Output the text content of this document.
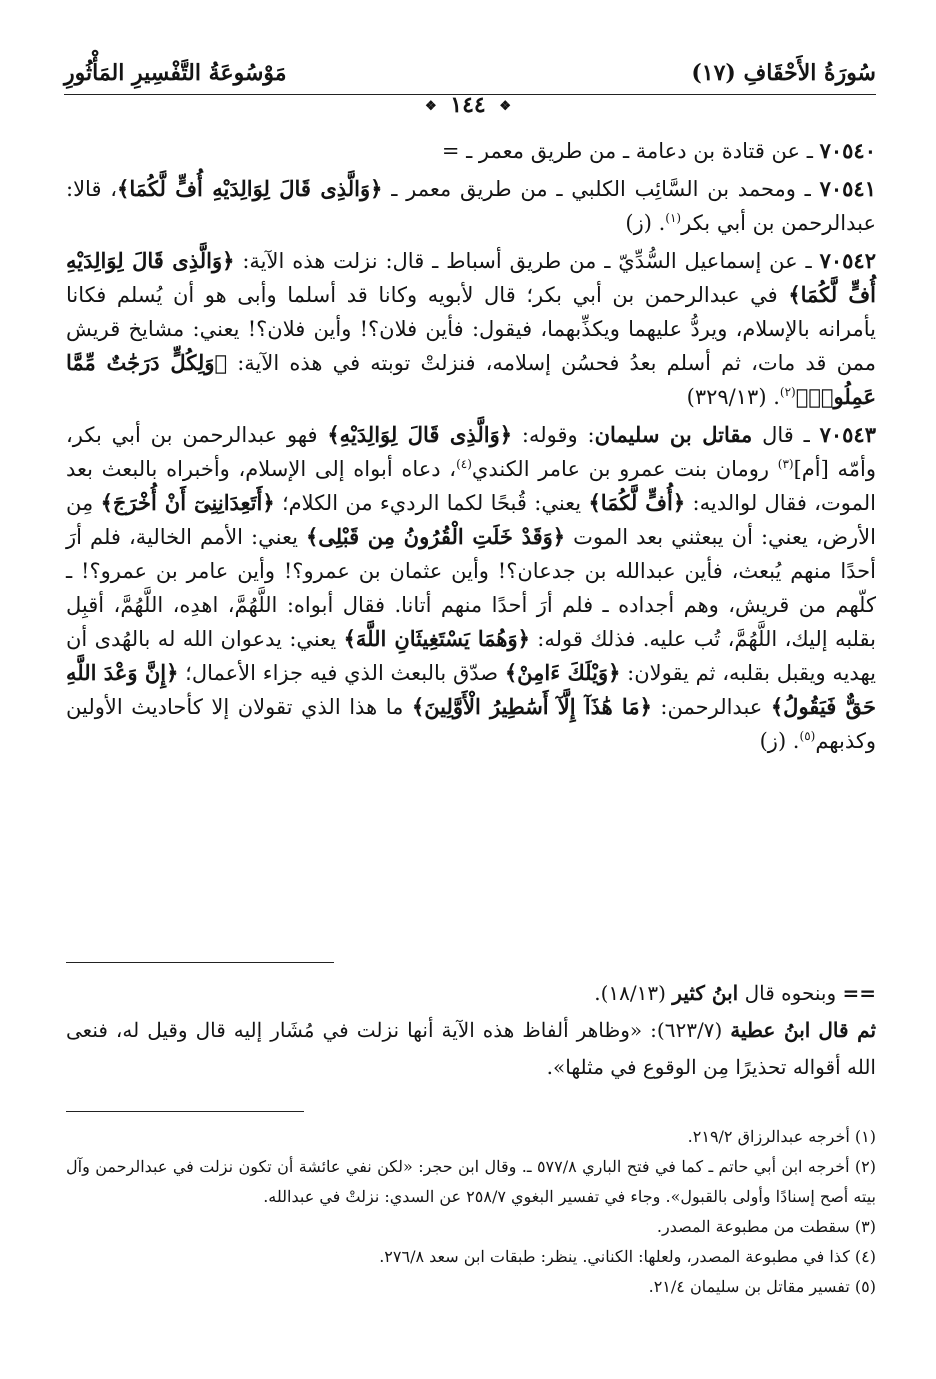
سُورَةُ الأَحْقَافِ (١٧)
مَوْسُوعَةُ التَّفْسِيرِ المَأْثُورِ
❖ ١٤٤ ❖

٧٠٥٤٠ ـ عن قتادة بن دعامة ـ من طريق معمر ـ =

٧٠٥٤١ ـ ومحمد بن السَّائِب الكلبي ـ من طريق معمر ـ ﴿وَالَّذِى قَالَ لِوَالِدَيْهِ أُفٍّ لَّكُمَا﴾، قالا: عبدالرحمن بن أبي بكر$^{(١)}$. (ز)

٧٠٥٤٢ ـ عن إسماعيل السُّدِّيّ ـ من طريق أسباط ـ قال: نزلت هذه الآية: ﴿وَالَّذِى قَالَ لِوَالِدَيْهِ أُفٍّ لَّكُمَا﴾ في عبدالرحمن بن أبي بكر؛ قال لأبويه وكانا قد أسلما وأبى هو أن يُسلم فكانا يأمرانه بالإسلام، ويردُّ عليهما ويكذِّبهما، فيقول: فأين فلان؟! وأين فلان؟! يعني: مشايخ قريش ممن قد مات، ثم أسلم بعدُ فحسُن إسلامه، فنزلتْ توبته في هذه الآية: ﴿وَلِكُلٍّ دَرَجَٰتٌ مِّمَّا عَمِلُوا۟﴾$^{(٢)}$. (٣٢٩/١٣)

٧٠٥٤٣ ـ قال مقاتل بن سليمان: وقوله: ﴿وَالَّذِى قَالَ لِوَالِدَيْهِ﴾ فهو عبدالرحمن بن أبي بكر، وأمّه [أم]$^{(٣)}$ رومان بنت عمرو بن عامر الكندي$^{(٤)}$، دعاه أبواه إلى الإسلام، وأخبراه بالبعث بعد الموت، فقال لوالديه: ﴿أُفٍّ لَّكُمَا﴾ يعني: قُبحًا لكما الرديء من الكلام؛ ﴿أَتَعِدَانِنِىٓ أَنْ أُخْرَجَ﴾ مِن الأرض، يعني: أن يبعثني بعد الموت ﴿وَقَدْ خَلَتِ الْقُرُونُ مِن قَبْلِى﴾ يعني: الأمم الخالية، فلم أرَ أحدًا منهم يُبعث، فأين عبدالله بن جدعان؟! وأين عثمان بن عمرو؟! وأين عامر بن عمرو؟! ـ كلّهم من قريش، وهم أجداده ـ فلم أرَ أحدًا منهم أتانا. فقال أبواه: اللَّهُمَّ، اهدِه، اللَّهُمَّ، أقبِل بقلبه إليك، اللَّهُمَّ، تُب عليه. فذلك قوله: ﴿وَهُمَا يَسْتَغِيثَانِ اللَّهَ﴾ يعني: يدعوان الله له بالهُدى أن يهديه ويقبل بقلبه، ثم يقولان: ﴿وَيْلَكَ ءَامِنْ﴾ صدّق بالبعث الذي فيه جزاء الأعمال؛ ﴿إِنَّ وَعْدَ اللَّهِ حَقٌّ فَيَقُولُ﴾ عبدالرحمن: ﴿مَا هَٰذَآ إِلَّآ أَسَٰطِيرُ الْأَوَّلِينَ﴾ ما هذا الذي تقولان إلا كأحاديث الأولين وكذبهم$^{(٥)}$. (ز)

== وبنحوه قال ابنُ كثير (١٨/١٣).
ثم قال ابنُ عطية (٦٢٣/٧): «وظاهر ألفاظ هذه الآية أنها نزلت في مُشَار إليه قال وقيل له، فنعى الله أقواله تحذيرًا مِن الوقوع في مثلها».

(١) أخرجه عبدالرزاق ٢١٩/٢.

(٢) أخرجه ابن أبي حاتم ـ كما في فتح الباري ٥٧٧/٨ ـ. وقال ابن حجر: «لكن نفي عائشة أن تكون نزلت في عبدالرحمن وآل بيته أصح إسنادًا وأولى بالقبول». وجاء في تفسير البغوي ٢٥٨/٧ عن السدي: نزلتْ في عبدالله.

(٣) سقطت من مطبوعة المصدر.

(٤) كذا في مطبوعة المصدر، ولعلها: الكناني. ينظر: طبقات ابن سعد ٢٧٦/٨.

(٥) تفسير مقاتل بن سليمان ٢١/٤.
